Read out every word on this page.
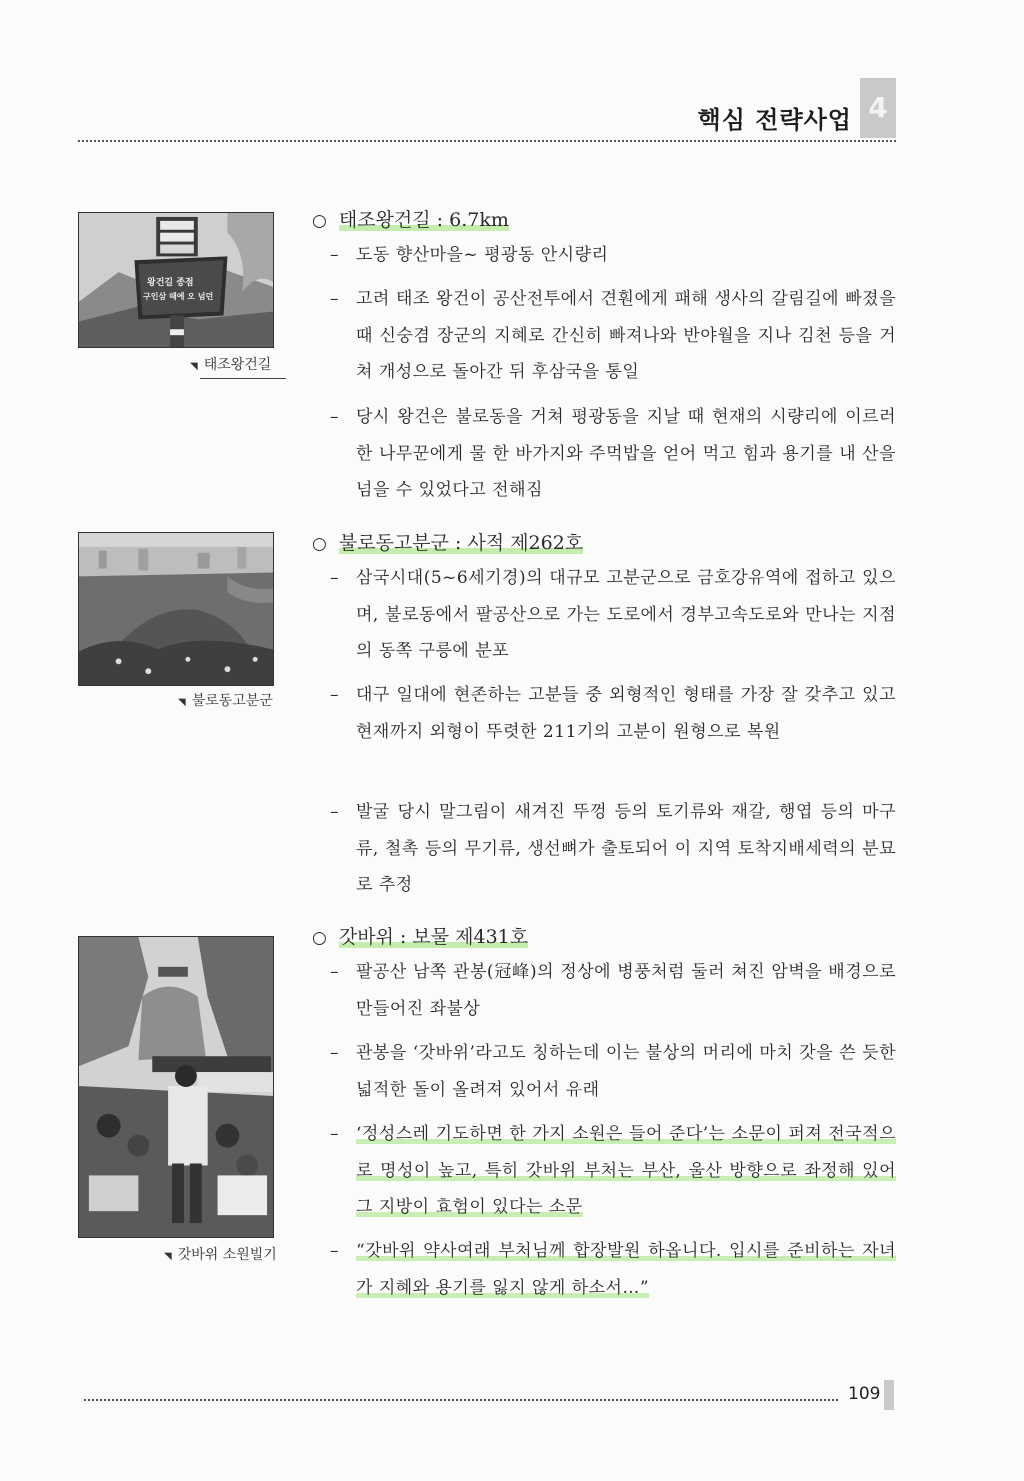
핵심 전략사업 4
왕건길 종점
구인삼 때에 오 넘던
◥ 태조왕건길
◥ 불로동고분군
◥ 갓바위 소원빌기
○ 태조왕건길 : 6.7km
– 도동 향산마을~ 평광동 안시량리

– 고려 태조 왕건이 공산전투에서 견훤에게 패해 생사의 갈림길에 빠졌을 때 신숭겸 장군의 지혜로 간신히 빠져나와 반야월을 지나 김천 등을 거쳐 개성으로 돌아간 뒤 후삼국을 통일

– 당시 왕건은 불로동을 거쳐 평광동을 지날 때 현재의 시량리에 이르러 한 나무꾼에게 물 한 바가지와 주먹밥을 얻어 먹고 힘과 용기를 내 산을 넘을 수 있었다고 전해짐

○ 불로동고분군 : 사적 제262호
– 삼국시대(5~6세기경)의 대규모 고분군으로 금호강유역에 접하고 있으며, 불로동에서 팔공산으로 가는 도로에서 경부고속도로와 만나는 지점의 동쪽 구릉에 분포

– 대구 일대에 현존하는 고분들 중 외형적인 형태를 가장 잘 갖추고 있고 현재까지 외형이 뚜렷한 211기의 고분이 원형으로 복원

– 발굴 당시 말그림이 새겨진 뚜껑 등의 토기류와 재갈, 행엽 등의 마구류, 철촉 등의 무기류, 생선뼈가 출토되어 이 지역 토착지배세력의 분묘로 추정

○ 갓바위 : 보물 제431호
– 팔공산 남쪽 관봉(冠峰)의 정상에 병풍처럼 둘러 쳐진 암벽을 배경으로 만들어진 좌불상

– 관봉을 ‘갓바위’라고도 칭하는데 이는 불상의 머리에 마치 갓을 쓴 듯한 넓적한 돌이 올려져 있어서 유래

– ‘정성스레 기도하면 한 가지 소원은 들어 준다’는 소문이 퍼져 전국적으로 명성이 높고, 특히 갓바위 부처는 부산, 울산 방향으로 좌정해 있어 그 지방이 효험이 있다는 소문

– “갓바위 약사여래 부처님께 합장발원 하옵니다. 입시를 준비하는 자녀가 지혜와 용기를 잃지 않게 하소서…”

109
